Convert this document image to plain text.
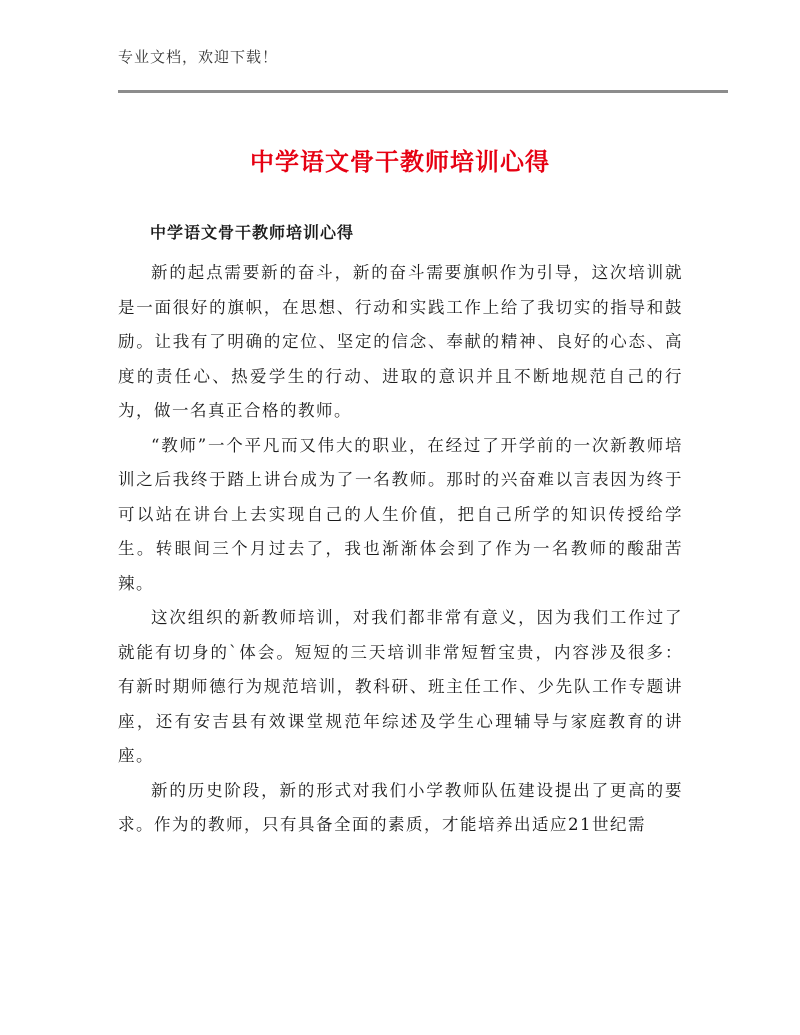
专业文档，欢迎下载！
中学语文骨干教师培训心得
中学语文骨干教师培训心得

新的起点需要新的奋斗，新的奋斗需要旗帜作为引导，这次培训就是一面很好的旗帜，在思想、行动和实践工作上给了我切实的指导和鼓励。让我有了明确的定位、坚定的信念、奉献的精神、良好的心态、高度的责任心、热爱学生的行动、进取的意识并且不断地规范自己的行为，做一名真正合格的教师。

“教师”一个平凡而又伟大的职业，在经过了开学前的一次新教师培训之后我终于踏上讲台成为了一名教师。那时的兴奋难以言表因为终于可以站在讲台上去实现自己的人生价值，把自己所学的知识传授给学生。转眼间三个月过去了，我也渐渐体会到了作为一名教师的酸甜苦辣。

这次组织的新教师培训，对我们都非常有意义，因为我们工作过了就能有切身的`体会。短短的三天培训非常短暂宝贵，内容涉及很多：有新时期师德行为规范培训，教科研、班主任工作、少先队工作专题讲座，还有安吉县有效课堂规范年综述及学生心理辅导与家庭教育的讲座。

新的历史阶段，新的形式对我们小学教师队伍建设提出了更高的要求。作为的教师，只有具备全面的素质，才能培养出适应21世纪需
